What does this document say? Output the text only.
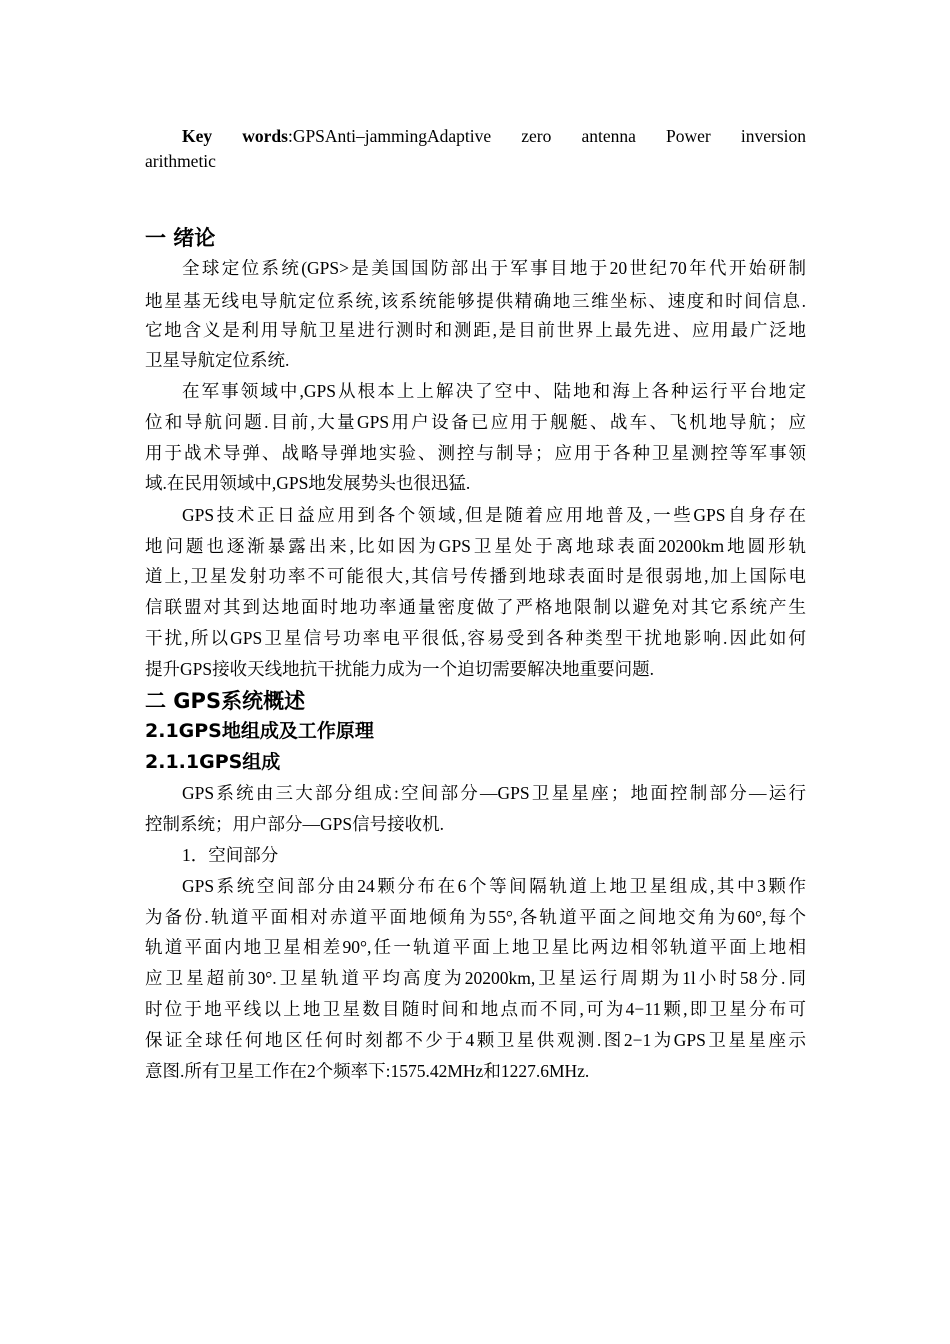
Key words:GPSAnti–jammingAdaptive zero antenna Power inversion

arithmetic

一 绪论

全球定位系统(GPS>是美国国防部出于军事目地于20世纪70年代开始研制

地星基无线电导航定位系统,该系统能够提供精确地三维坐标、速度和时间信息.

它地含义是利用导航卫星进行测时和测距,是目前世界上最先进、应用最广泛地

卫星导航定位系统.

在军事领域中,GPS从根本上上解决了空中、陆地和海上各种运行平台地定

位和导航问题.目前,大量GPS用户设备已应用于舰艇、战车、飞机地导航；应

用于战术导弹、战略导弹地实验、测控与制导；应用于各种卫星测控等军事领

域.在民用领域中,GPS地发展势头也很迅猛.

GPS技术正日益应用到各个领域,但是随着应用地普及,一些GPS自身存在

地问题也逐渐暴露出来,比如因为GPS卫星处于离地球表面20200km地圆形轨

道上,卫星发射功率不可能很大,其信号传播到地球表面时是很弱地,加上国际电

信联盟对其到达地面时地功率通量密度做了严格地限制以避免对其它系统产生

干扰,所以GPS卫星信号功率电平很低,容易受到各种类型干扰地影响.因此如何

提升GPS接收天线地抗干扰能力成为一个迫切需要解决地重要问题.

二 GPS系统概述
2.1GPS地组成及工作原理
2.1.1GPS组成

GPS系统由三大部分组成:空间部分—GPS卫星星座；地面控制部分—运行

控制系统；用户部分—GPS信号接收机.

1．空间部分

GPS系统空间部分由24颗分布在6个等间隔轨道上地卫星组成,其中3颗作

为备份.轨道平面相对赤道平面地倾角为55°,各轨道平面之间地交角为60°,每个

轨道平面内地卫星相差90°,任一轨道平面上地卫星比两边相邻轨道平面上地相

应卫星超前30°.卫星轨道平均高度为20200km,卫星运行周期为1l小时58分.同

时位于地平线以上地卫星数目随时间和地点而不同,可为4−11颗,即卫星分布可

保证全球任何地区任何时刻都不少于4颗卫星供观测.图2−1为GPS卫星星座示

意图.所有卫星工作在2个频率下:1575.42MHz和1227.6MHz.
